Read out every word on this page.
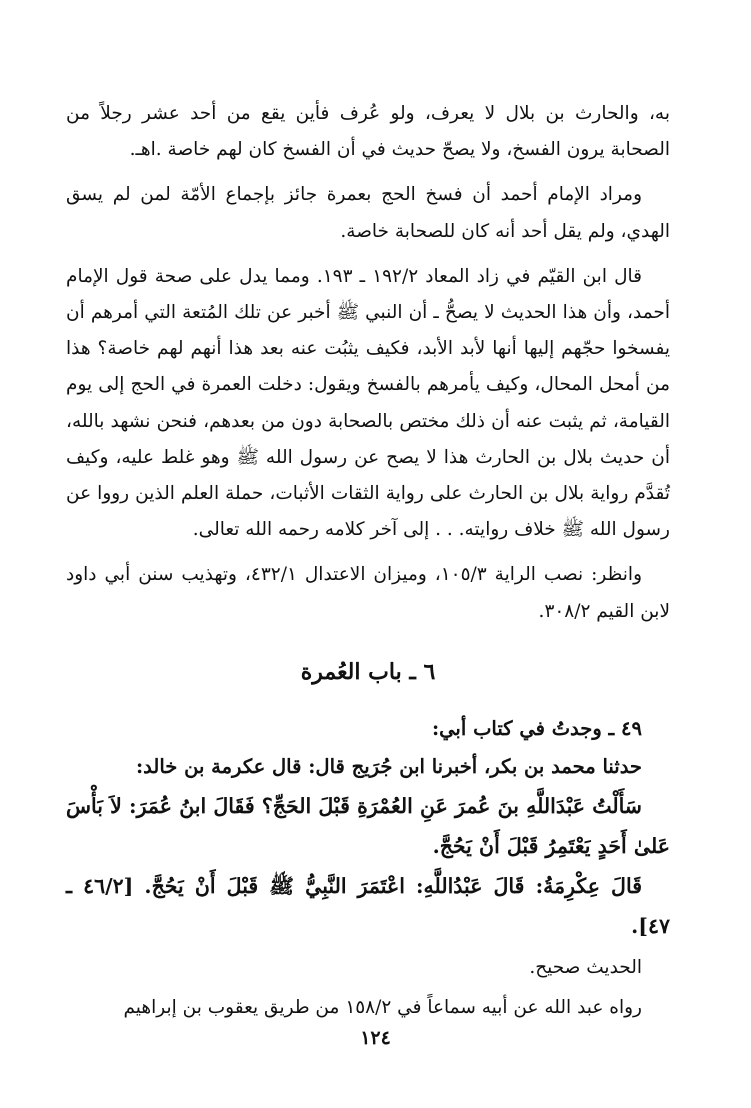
به، والحارث بن بلال لا يعرف، ولو عُرف فأين يقع من أحد عشر رجلاً من الصحابة يرون الفسخ، ولا يصحّ حديث في أن الفسخ كان لهم خاصة .اهـ.

ومراد الإمام أحمد أن فسخ الحج بعمرة جائز بإجماع الأمّة لمن لم يسق الهدي، ولم يقل أحد أنه كان للصحابة خاصة.

قال ابن القيّم في زاد المعاد ١٩٢/٢ ـ ١٩٣. ومما يدل على صحة قول الإمام أحمد، وأن هذا الحديث لا يصحُّ ـ أن النبي ﷺ أخبر عن تلك المُتعة التي أمرهم أن يفسخوا حجّهم إليها أنها لأبد الأبد، فكيف يثبُت عنه بعد هذا أنهم لهم خاصة؟ هذا من أمحل المحال، وكيف يأمرهم بالفسخ ويقول: دخلت العمرة في الحج إلى يوم القيامة، ثم يثبت عنه أن ذلك مختص بالصحابة دون من بعدهم، فنحن نشهد بالله، أن حديث بلال بن الحارث هذا لا يصح عن رسول الله ﷺ وهو غلط عليه، وكيف تُقدَّم رواية بلال بن الحارث على رواية الثقات الأثبات، حملة العلم الذين رووا عن رسول الله ﷺ خلاف روايته. . . إلى آخر كلامه رحمه الله تعالى.

وانظر: نصب الراية ١٠٥/٣، وميزان الاعتدال ٤٣٢/١، وتهذيب سنن أبي داود لابن القيم ٣٠٨/٢.

٦ ـ باب العُمرة

٤٩ ـ وجدتُ في كتاب أبي:

حدثنا محمد بن بكر، أخبرنا ابن جُرَيج قال: قال عكرمة بن خالد:

سَأَلْتُ عَبْدَاللَّهِ بنَ عُمرَ عَنِ العُمْرَةِ قَبْلَ الحَجِّ؟ فَقَالَ ابنُ عُمَرَ: لاَ بَأْسَ عَلىٰ أَحَدٍ يَعْتَمِرُ قَبْلَ أَنْ يَحُجَّ.

قَالَ عِكْرِمَةُ: قَالَ عَبْدُاللَّهِ: اعْتَمَرَ النَّبِيُّ ﷺ قَبْلَ أَنْ يَحُجَّ. [٤٦/٢ ـ ٤٧].

الحديث صحيح.

رواه عبد الله عن أبيه سماعاً في ١٥٨/٢ من طريق يعقوب بن إبراهيم

١٢٤
